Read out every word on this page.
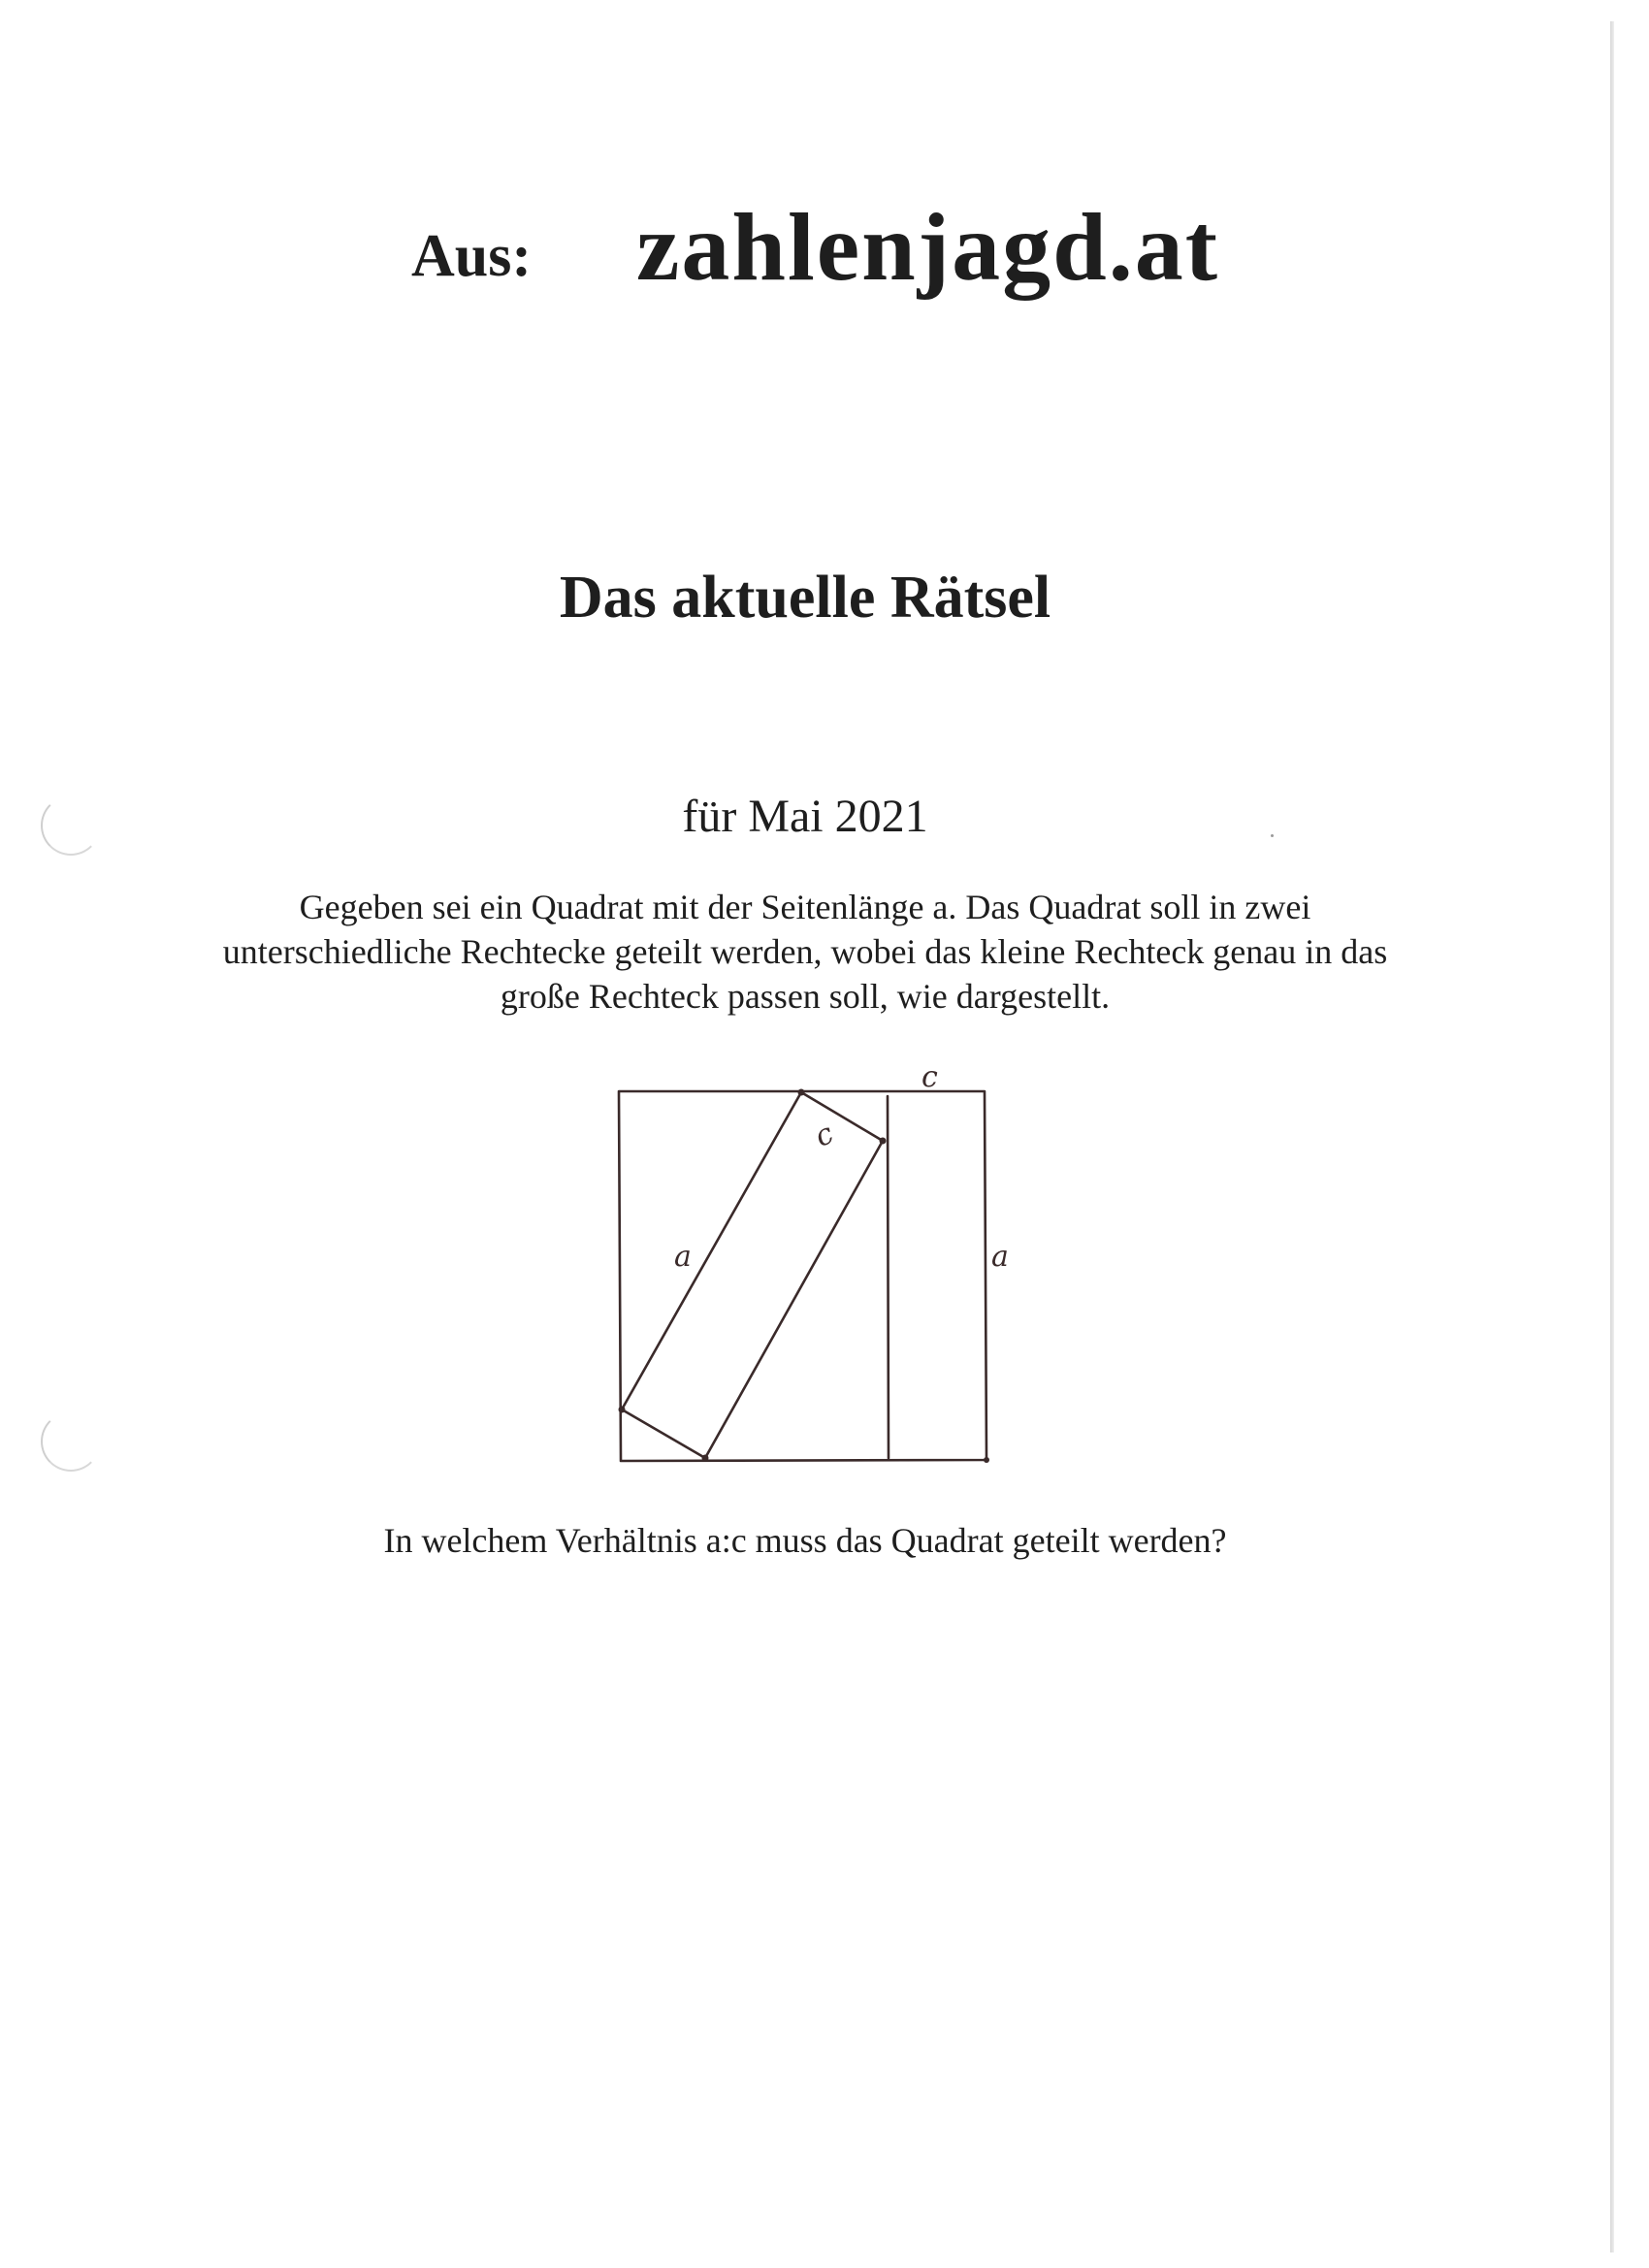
Aus: zahlenjagd.at
Das aktuelle Rätsel
für Mai 2021

Gegeben sei ein Quadrat mit der Seitenlänge a. Das Quadrat soll in zwei
unterschiedliche Rechtecke geteilt werden, wobei das kleine Rechteck genau in das
große Rechteck passen soll, wie dargestellt.

c
c
a	a
In welchem Verhältnis a:c muss das Quadrat geteilt werden?
